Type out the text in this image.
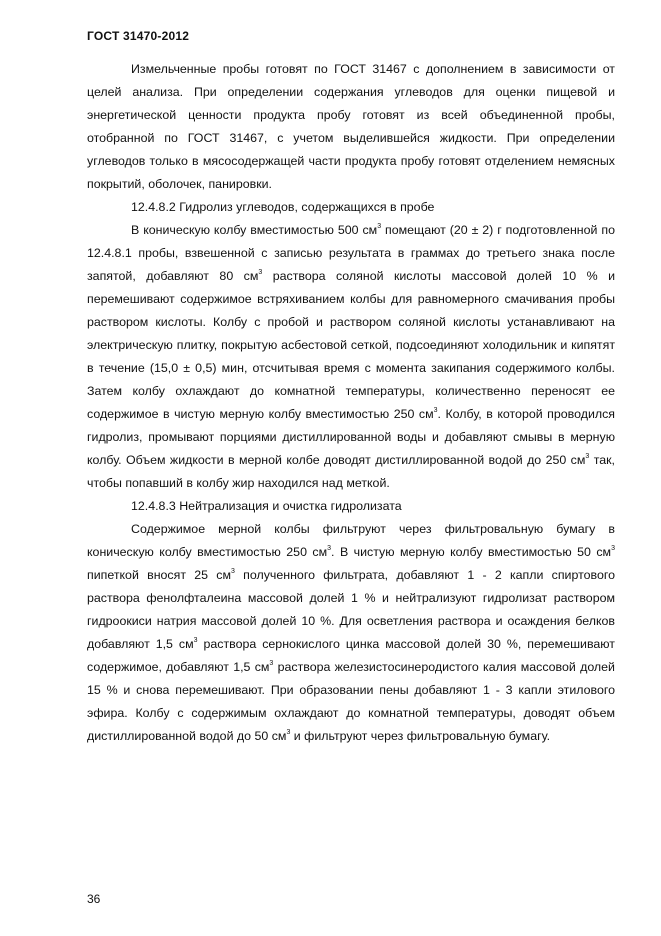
ГОСТ 31470-2012

Измельченные пробы готовят по ГОСТ 31467 с дополнением в зависимости от целей анализа. При определении содержания углеводов для оценки пищевой и энергетической ценности продукта пробу готовят из всей объединенной пробы, отобранной по ГОСТ 31467, с учетом выделившейся жидкости. При определении углеводов только в мясосодержащей части продукта пробу готовят отделением немясных покрытий, оболочек, панировки.

12.4.8.2 Гидролиз углеводов, содержащихся в пробе

В коническую колбу вместимостью 500 $см^3$ помещают (20 ± 2) г подготовленной по 12.4.8.1 пробы, взвешенной с записью результата в граммах до третьего знака после запятой, добавляют 80 $см^3$ раствора соляной кислоты массовой долей 10 % и перемешивают содержимое встряхиванием колбы для равномерного смачивания пробы раствором кислоты. Колбу с пробой и раствором соляной кислоты устанавливают на электрическую плитку, покрытую асбестовой сеткой, подсоединяют холодильник и кипятят в течение (15,0 ± 0,5) мин, отсчитывая время с момента закипания содержимого колбы. Затем колбу охлаждают до комнатной температуры, количественно переносят ее содержимое в чистую мерную колбу вместимостью 250 $см^3$. Колбу, в которой проводился гидролиз, промывают порциями дистиллированной воды и добавляют смывы в мерную колбу. Объем жидкости в мерной колбе доводят дистиллированной водой до 250 $см^3$ так, чтобы попавший в колбу жир находился над меткой.

12.4.8.3 Нейтрализация и очистка гидролизата

Содержимое мерной колбы фильтруют через фильтровальную бумагу в коническую колбу вместимостью 250 $см^3$. В чистую мерную колбу вместимостью 50 $см^3$ пипеткой вносят 25 $см^3$ полученного фильтрата, добавляют 1 - 2 капли спиртового раствора фенолфталеина массовой долей 1 % и нейтрализуют гидролизат раствором гидроокиси натрия массовой долей 10 %. Для осветления раствора и осаждения белков добавляют 1,5 $см^3$ раствора сернокислого цинка массовой долей 30 %, перемешивают содержимое, добавляют 1,5 $см^3$ раствора железистосинеродистого калия массовой долей 15 % и снова перемешивают. При образовании пены добавляют 1 - 3 капли этилового эфира. Колбу с содержимым охлаждают до комнатной температуры, доводят объем дистиллированной водой до 50 $см^3$ и фильтруют через фильтровальную бумагу.

36
